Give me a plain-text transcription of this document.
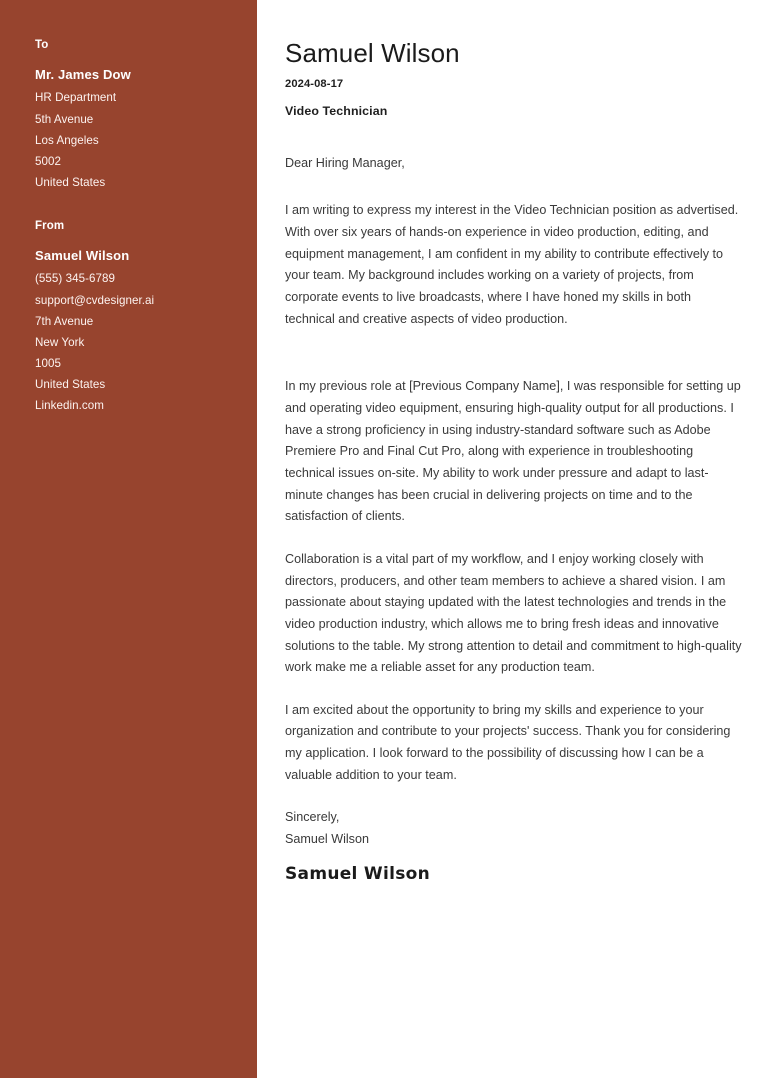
To

Mr. James Dow

HR Department

5th Avenue

Los Angeles

5002

United States

From

Samuel Wilson

(555) 345-6789

support@cvdesigner.ai

7th Avenue

New York

1005

United States

Linkedin.com

Samuel Wilson

2024-08-17

Video Technician

Dear Hiring Manager,

I am writing to express my interest in the Video Technician position as advertised. With over six years of hands-on experience in video production, editing, and equipment management, I am confident in my ability to contribute effectively to your team. My background includes working on a variety of projects, from corporate events to live broadcasts, where I have honed my skills in both technical and creative aspects of video production.

In my previous role at [Previous Company Name], I was responsible for setting up and operating video equipment, ensuring high-quality output for all productions. I have a strong proficiency in using industry-standard software such as Adobe Premiere Pro and Final Cut Pro, along with experience in troubleshooting technical issues on-site. My ability to work under pressure and adapt to last-minute changes has been crucial in delivering projects on time and to the satisfaction of clients.

Collaboration is a vital part of my workflow, and I enjoy working closely with directors, producers, and other team members to achieve a shared vision. I am passionate about staying updated with the latest technologies and trends in the video production industry, which allows me to bring fresh ideas and innovative solutions to the table. My strong attention to detail and commitment to high-quality work make me a reliable asset for any production team.

I am excited about the opportunity to bring my skills and experience to your organization and contribute to your projects' success. Thank you for considering my application. I look forward to the possibility of discussing how I can be a valuable addition to your team.

Sincerely,

Samuel Wilson

Samuel Wilson
